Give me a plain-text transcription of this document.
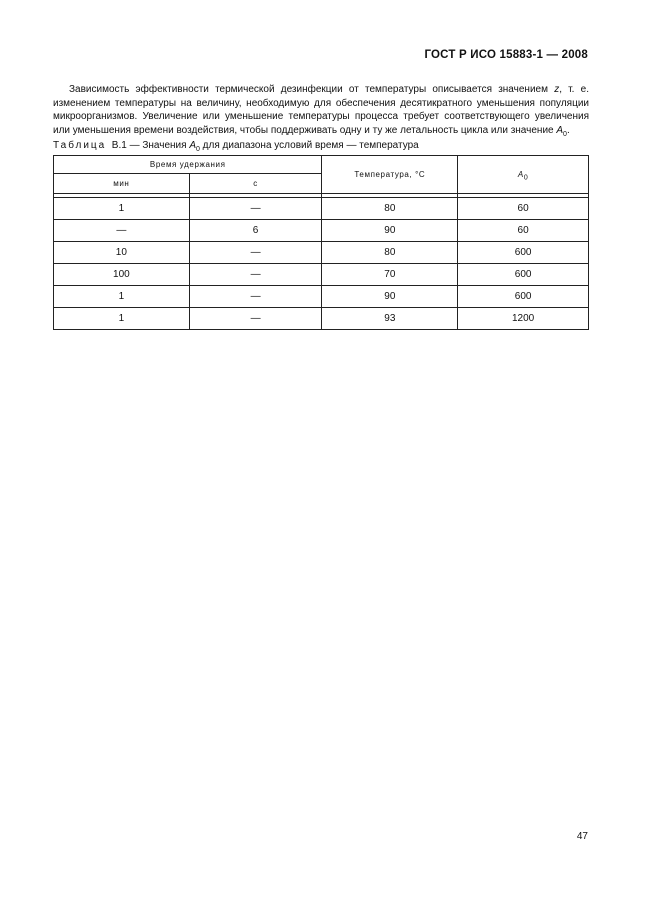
ГОСТ Р ИСО 15883-1 — 2008
Зависимость эффективности термической дезинфекции от температуры описывается значением z, т. е. изменением температуры на величину, необходимую для обеспечения десятикратного уменьшения популяции микроорганизмов. Увеличение или уменьшение температуры процесса требует соответствующего увеличения или уменьшения времени воздействия, чтобы поддерживать одну и ту же летальность цикла или значение $A_0$.
Таблица В.1 — Значения $A_0$ для диапазона условий время — температура
Время удержания		Температура, °С	$A_0$
мин	с		

1	—	80	60
—	6	90	60
10	—	80	600
100	—	70	600
1	—	90	600
1	—	93	1200
47
